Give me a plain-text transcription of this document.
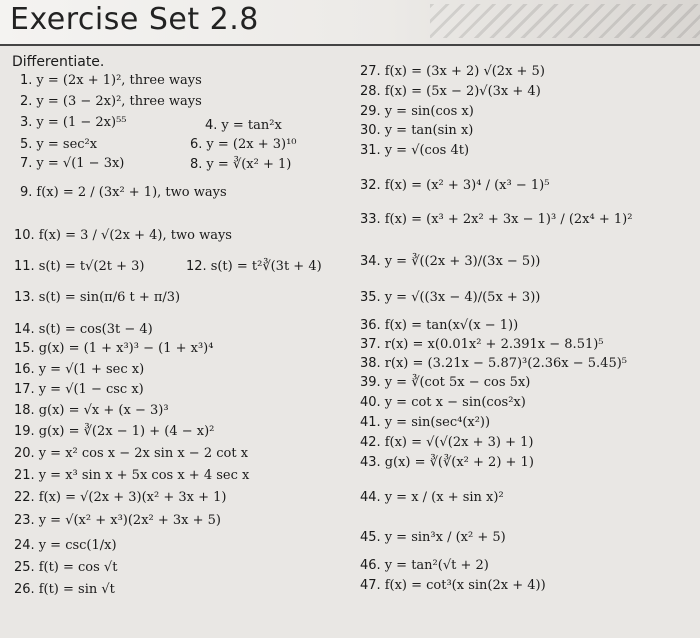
Exercise Set 2.8
Differentiate.
1. y = (2x + 1)², three ways
2. y = (3 − 2x)², three ways
3. y = (1 − 2x)⁵⁵	4. y = tan²x
5. y = sec²x	6. y = (2x + 3)¹⁰
7. y = √(1 − 3x)	8. y = ∛(x² + 1)
9. f(x) = 2 / (3x² + 1), two ways
10. f(x) = 3 / √(2x + 4), two ways
11. s(t) = t√(2t + 3)	12. s(t) = t²∛(3t + 4)
13. s(t) = sin(π/6 t + π/3)
14. s(t) = cos(3t − 4)
15. g(x) = (1 + x³)³ − (1 + x³)⁴
16. y = √(1 + sec x)
17. y = √(1 − csc x)
18. g(x) = √x + (x − 3)³
19. g(x) = ∛(2x − 1) + (4 − x)²
20. y = x² cos x − 2x sin x − 2 cot x
21. y = x³ sin x + 5x cos x + 4 sec x
22. f(x) = √(2x + 3)(x² + 3x + 1)
23. y = √(x² + x³)(2x² + 3x + 5)
24. y = csc(1/x)
25. f(t) = cos √t
26. f(t) = sin √t
27. f(x) = (3x + 2) √(2x + 5)
28. f(x) = (5x − 2)√(3x + 4)
29. y = sin(cos x)
30. y = tan(sin x)
31. y = √(cos 4t)
32. f(x) = (x² + 3)⁴ / (x³ − 1)⁵
33. f(x) = (x³ + 2x² + 3x − 1)³ / (2x⁴ + 1)²
34. y = ∛((2x + 3)/(3x − 5))
35. y = √((3x − 4)/(5x + 3))
36. f(x) = tan(x√(x − 1))
37. r(x) = x(0.01x² + 2.391x − 8.51)⁵
38. r(x) = (3.21x − 5.87)³(2.36x − 5.45)⁵
39. y = ∛(cot 5x − cos 5x)
40. y = cot x − sin(cos²x)
41. y = sin(sec⁴(x²))
42. f(x) = √(√(2x + 3) + 1)
43. g(x) = ∛(∛(x² + 2) + 1)
44. y = x / (x + sin x)²
45. y = sin³x / (x² + 5)
46. y = tan²(√t + 2)
47. f(x) = cot³(x sin(2x + 4))
